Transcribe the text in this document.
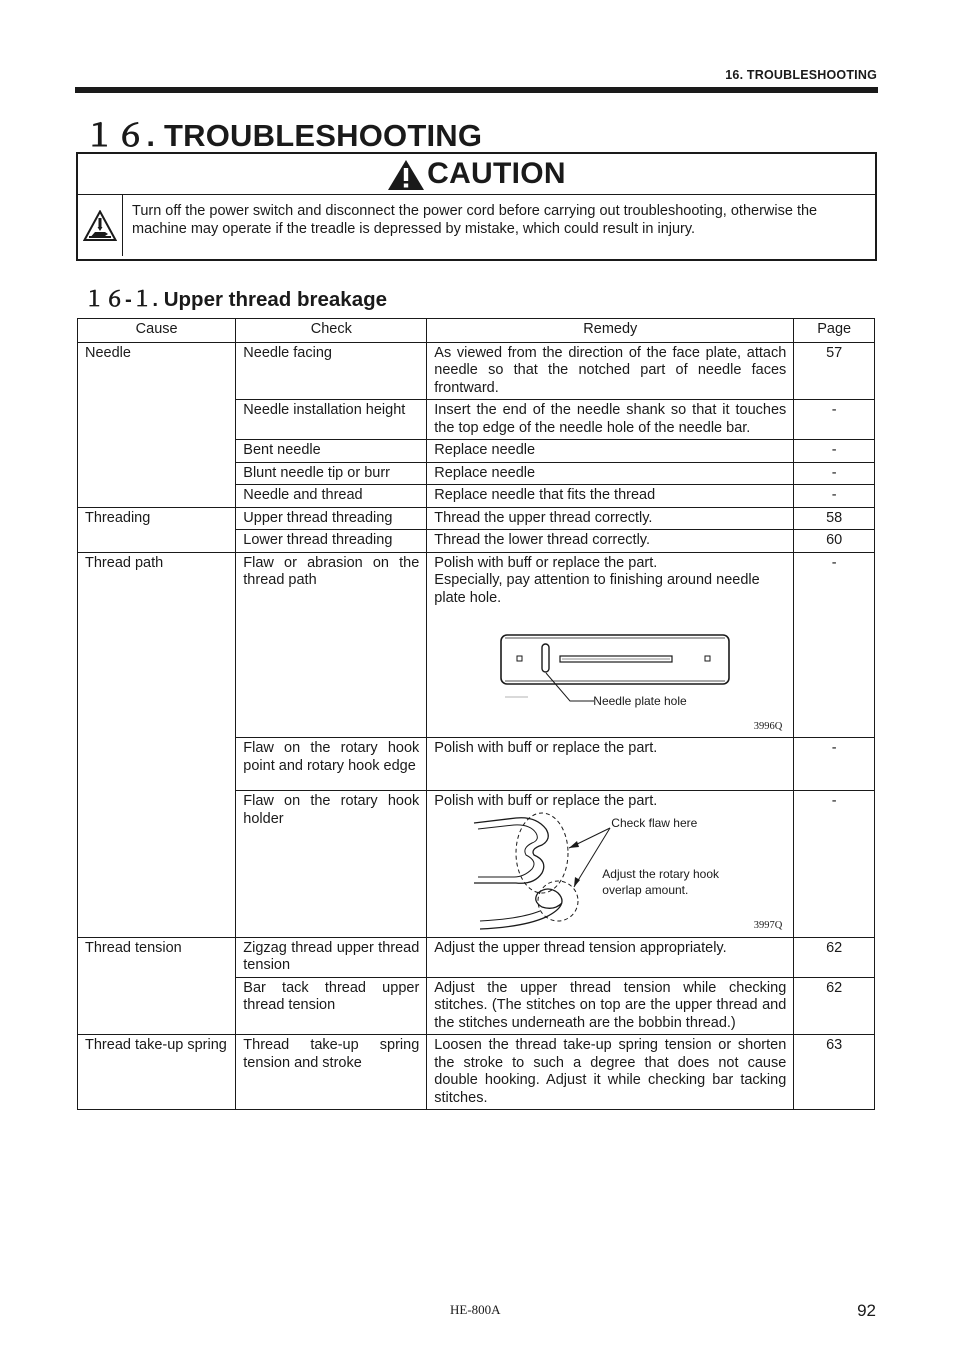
16. TROUBLESHOOTING
１６. TROUBLESHOOTING
CAUTION
Turn off the power switch and disconnect the power cord before carrying out troubleshooting, otherwise the machine may operate if the treadle is depressed by mistake, which could result in injury.
１６-１. Upper thread breakage
Cause	Check	Remedy	Page
Needle	Needle facing	As viewed from the direction of the face plate, attach needle so that the notched part of needle faces frontward.	57
	Needle installation height	Insert the end of the needle shank so that it touches the top edge of the needle hole of the needle bar.	-
	Bent needle	Replace needle	-
	Blunt needle tip or burr	Replace needle	-
	Needle and thread	Replace needle that fits the thread	-
Threading	Upper thread threading	Thread the upper thread correctly.	58
	Lower thread threading	Thread the lower thread correctly.	60
Thread path	Flaw or abrasion on the thread path	Polish with buff or replace the part.
Especially, pay attention to finishing around needle plate hole.
Needle plate hole
3996Q	-
	Flaw on the rotary hook point and rotary hook edge	Polish with buff or replace the part.	-
	Flaw on the rotary hook holder	Polish with buff or replace the part.
Check flaw here
Adjust the rotary hook
overlap amount.
3997Q	-
Thread tension	Zigzag thread upper thread tension	Adjust the upper thread tension appropriately.	62
	Bar tack thread upper thread tension	Adjust the upper thread tension while checking stitches. (The stitches on top are the upper thread and the stitches underneath are the bobbin thread.)	62
Thread take-up spring	Thread take-up spring tension and stroke	Loosen the thread take-up spring tension or shorten the stroke to such a degree that does not cause double hooking. Adjust it while checking bar tacking stitches.	63
HE-800A	92
